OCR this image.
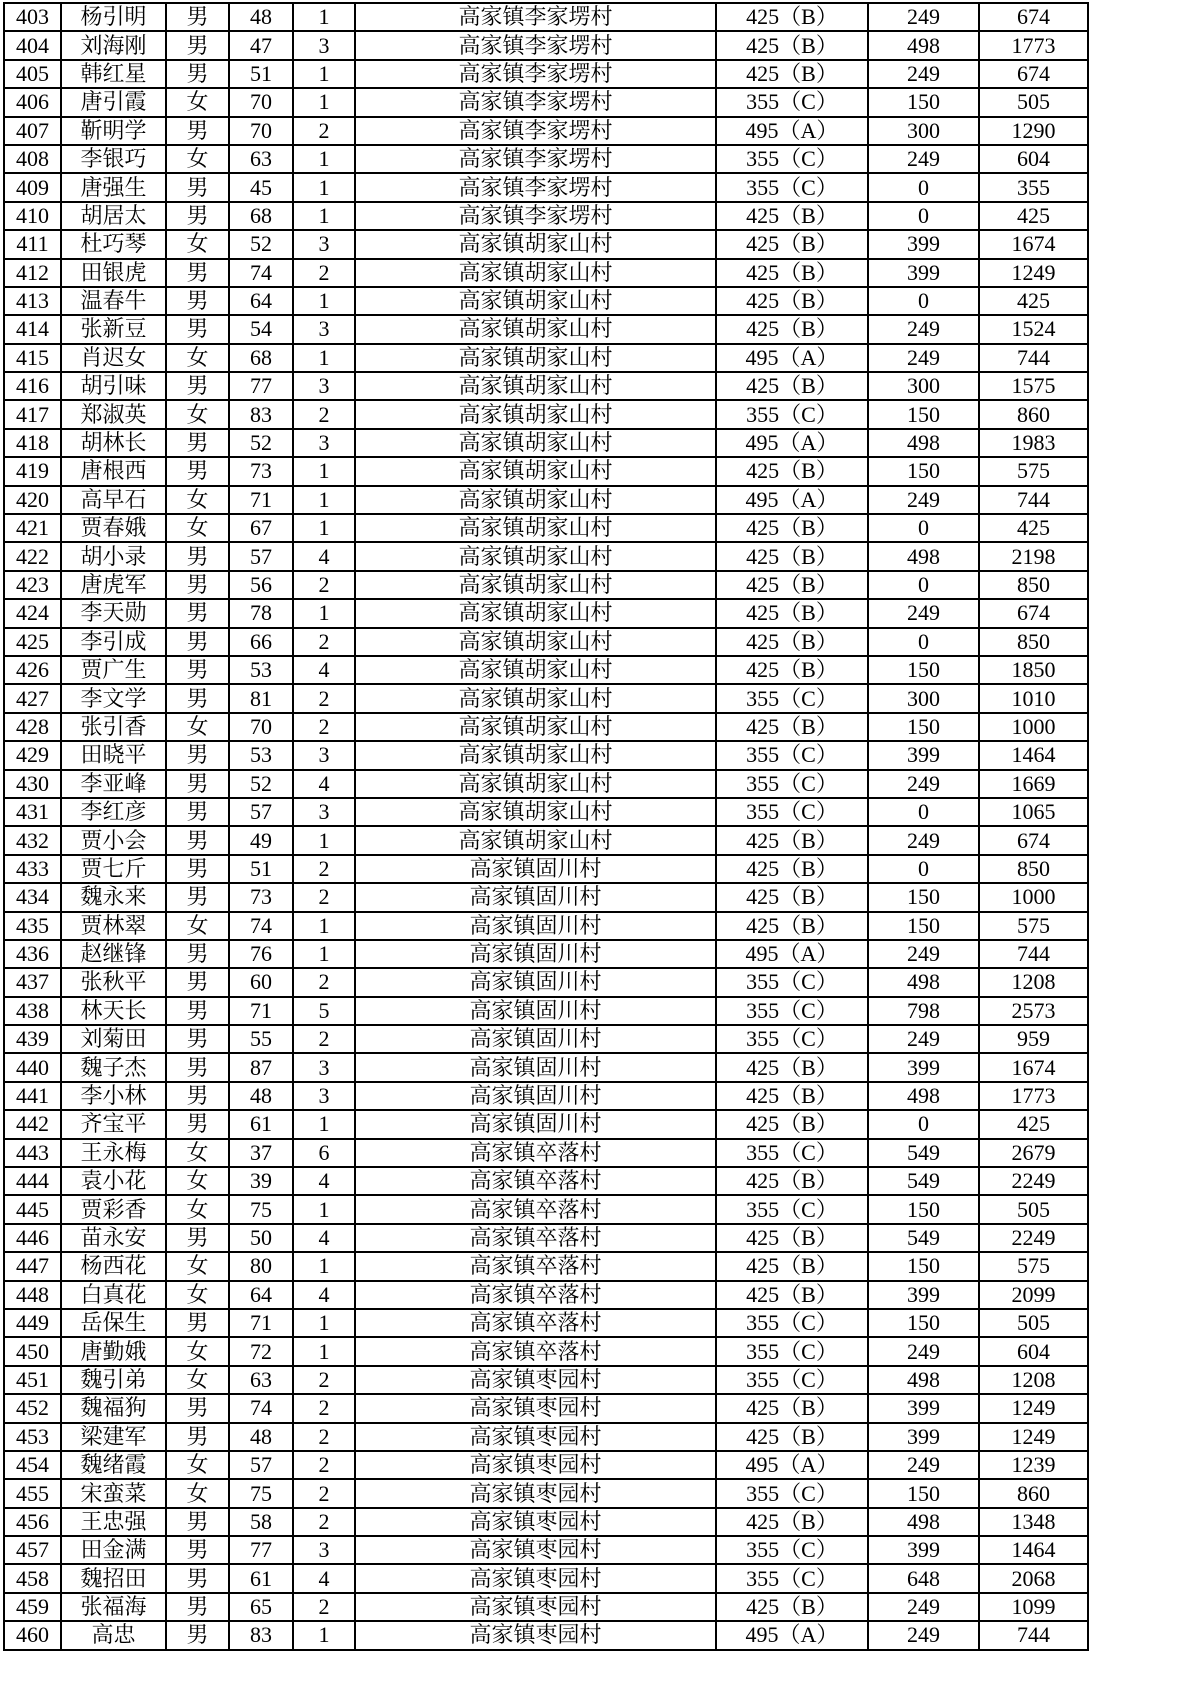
403	杨引明	男	48	1	高家镇李家塄村	425（B）	249	674
404	刘海刚	男	47	3	高家镇李家塄村	425（B）	498	1773
405	韩红星	男	51	1	高家镇李家塄村	425（B）	249	674
406	唐引霞	女	70	1	高家镇李家塄村	355（C）	150	505
407	靳明学	男	70	2	高家镇李家塄村	495（A）	300	1290
408	李银巧	女	63	1	高家镇李家塄村	355（C）	249	604
409	唐强生	男	45	1	高家镇李家塄村	355（C）	0	355
410	胡居太	男	68	1	高家镇李家塄村	425（B）	0	425
411	杜巧琴	女	52	3	高家镇胡家山村	425（B）	399	1674
412	田银虎	男	74	2	高家镇胡家山村	425（B）	399	1249
413	温春牛	男	64	1	高家镇胡家山村	425（B）	0	425
414	张新豆	男	54	3	高家镇胡家山村	425（B）	249	1524
415	肖迟女	女	68	1	高家镇胡家山村	495（A）	249	744
416	胡引味	男	77	3	高家镇胡家山村	425（B）	300	1575
417	郑淑英	女	83	2	高家镇胡家山村	355（C）	150	860
418	胡林长	男	52	3	高家镇胡家山村	495（A）	498	1983
419	唐根西	男	73	1	高家镇胡家山村	425（B）	150	575
420	高早石	女	71	1	高家镇胡家山村	495（A）	249	744
421	贾春娥	女	67	1	高家镇胡家山村	425（B）	0	425
422	胡小录	男	57	4	高家镇胡家山村	425（B）	498	2198
423	唐虎军	男	56	2	高家镇胡家山村	425（B）	0	850
424	李天勋	男	78	1	高家镇胡家山村	425（B）	249	674
425	李引成	男	66	2	高家镇胡家山村	425（B）	0	850
426	贾广生	男	53	4	高家镇胡家山村	425（B）	150	1850
427	李文学	男	81	2	高家镇胡家山村	355（C）	300	1010
428	张引香	女	70	2	高家镇胡家山村	425（B）	150	1000
429	田晓平	男	53	3	高家镇胡家山村	355（C）	399	1464
430	李亚峰	男	52	4	高家镇胡家山村	355（C）	249	1669
431	李红彦	男	57	3	高家镇胡家山村	355（C）	0	1065
432	贾小会	男	49	1	高家镇胡家山村	425（B）	249	674
433	贾七斤	男	51	2	高家镇固川村	425（B）	0	850
434	魏永来	男	73	2	高家镇固川村	425（B）	150	1000
435	贾林翠	女	74	1	高家镇固川村	425（B）	150	575
436	赵继锋	男	76	1	高家镇固川村	495（A）	249	744
437	张秋平	男	60	2	高家镇固川村	355（C）	498	1208
438	林天长	男	71	5	高家镇固川村	355（C）	798	2573
439	刘菊田	男	55	2	高家镇固川村	355（C）	249	959
440	魏子杰	男	87	3	高家镇固川村	425（B）	399	1674
441	李小林	男	48	3	高家镇固川村	425（B）	498	1773
442	齐宝平	男	61	1	高家镇固川村	425（B）	0	425
443	王永梅	女	37	6	高家镇卒落村	355（C）	549	2679
444	袁小花	女	39	4	高家镇卒落村	425（B）	549	2249
445	贾彩香	女	75	1	高家镇卒落村	355（C）	150	505
446	苗永安	男	50	4	高家镇卒落村	425（B）	549	2249
447	杨西花	女	80	1	高家镇卒落村	425（B）	150	575
448	白真花	女	64	4	高家镇卒落村	425（B）	399	2099
449	岳保生	男	71	1	高家镇卒落村	355（C）	150	505
450	唐勤娥	女	72	1	高家镇卒落村	355（C）	249	604
451	魏引弟	女	63	2	高家镇枣园村	355（C）	498	1208
452	魏福狗	男	74	2	高家镇枣园村	425（B）	399	1249
453	梁建军	男	48	2	高家镇枣园村	425（B）	399	1249
454	魏绪霞	女	57	2	高家镇枣园村	495（A）	249	1239
455	宋蛮菜	女	75	2	高家镇枣园村	355（C）	150	860
456	王忠强	男	58	2	高家镇枣园村	425（B）	498	1348
457	田金满	男	77	3	高家镇枣园村	355（C）	399	1464
458	魏招田	男	61	4	高家镇枣园村	355（C）	648	2068
459	张福海	男	65	2	高家镇枣园村	425（B）	249	1099
460	高忠	男	83	1	高家镇枣园村	495（A）	249	744
